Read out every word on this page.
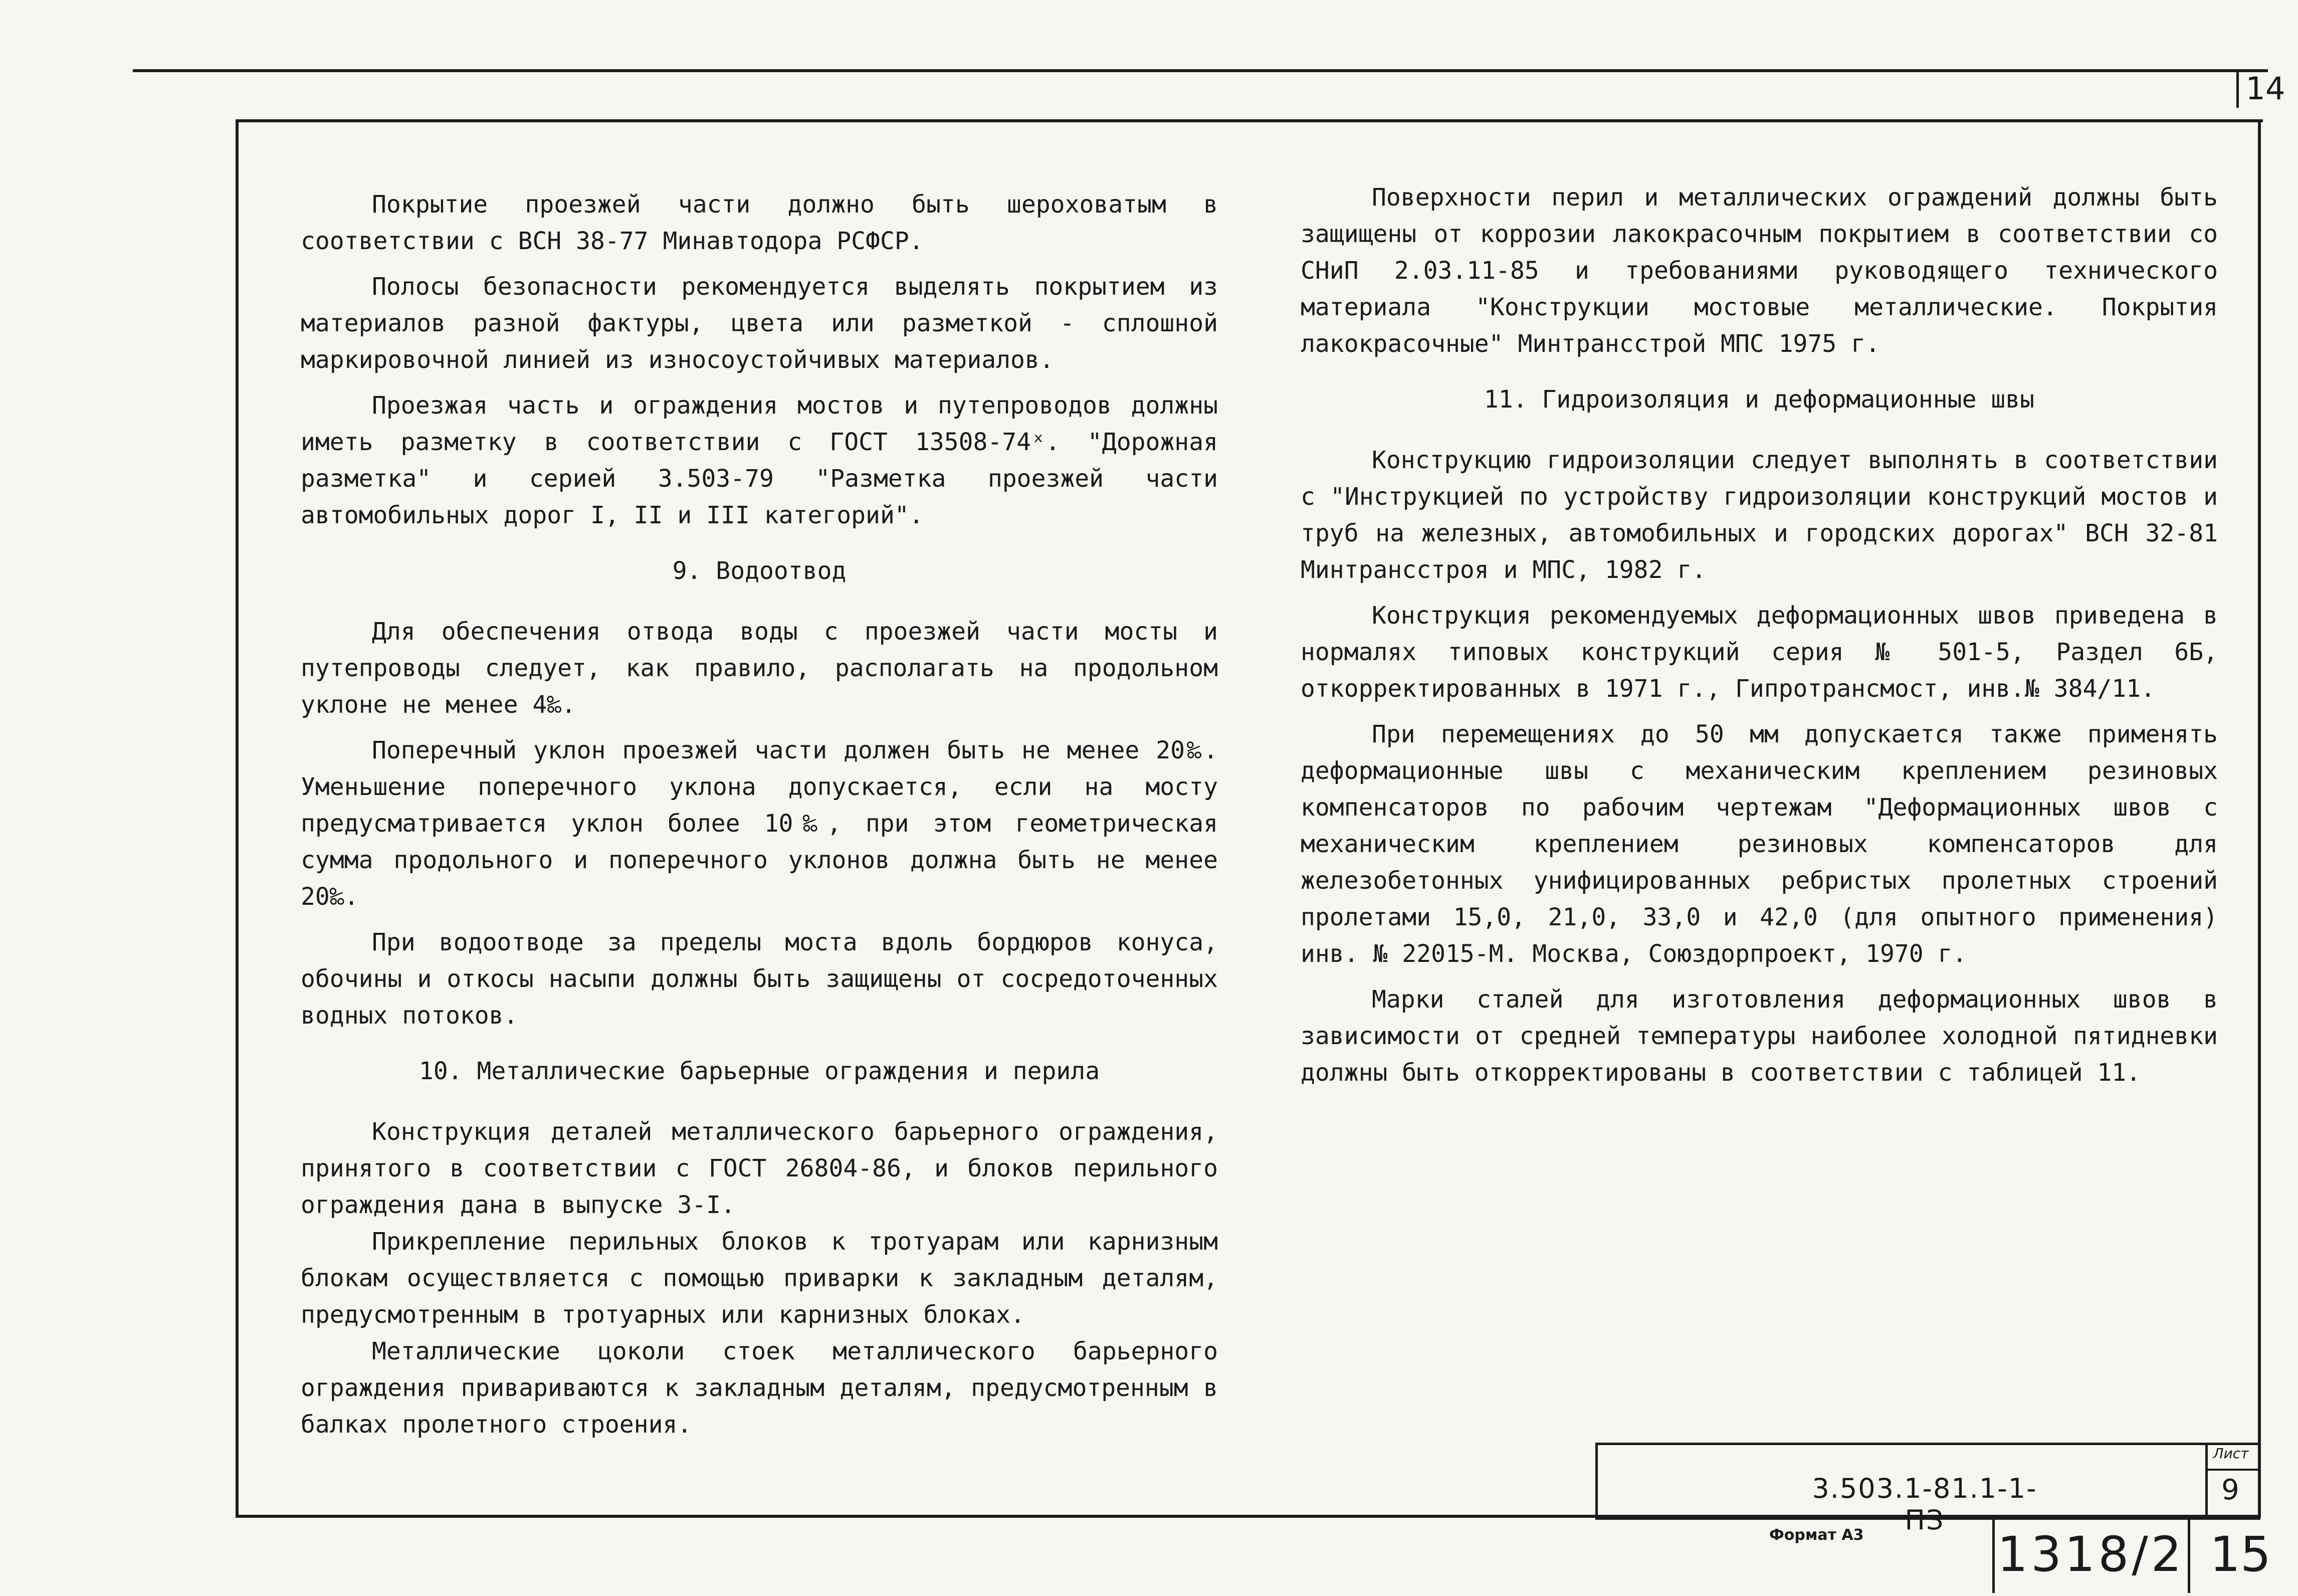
14

Покрытие проезжей части должно быть шероховатым в соответствии с ВСН 38-77 Минавтодора РСФСР.

Полосы безопасности рекомендуется выделять покрытием из материалов разной фактуры, цвета или разметкой - сплошной маркировочной линией из износоустойчивых материалов.

Проезжая часть и ограждения мостов и путепроводов должны иметь разметку в соответствии с ГОСТ 13508-74ˣ. "Дорожная разметка" и серией 3.503-79 "Разметка проезжей части автомобильных дорог I, II и III категорий".

9. Водоотвод

Для обеспечения отвода воды с проезжей части мосты и путепроводы следует, как правило, располагать на продольном уклоне не менее 4‰.

Поперечный уклон проезжей части должен быть не менее 20‰. Уменьшение поперечного уклона допускается, если на мосту предусматривается уклон более 10‰, при этом геометрическая сумма продольного и поперечного уклонов должна быть не менее 20‰.

При водоотводе за пределы моста вдоль бордюров конуса, обочины и откосы насыпи должны быть защищены от сосредоточенных водных потоков.

10. Металлические барьерные ограждения и перила

Конструкция деталей металлического барьерного ограждения, принятого в соответствии с ГОСТ 26804-86, и блоков перильного ограждения дана в выпуске 3-I.

Прикрепление перильных блоков к тротуарам или карнизным блокам осуществляется с помощью приварки к закладным деталям, предусмотренным в тротуарных или карнизных блоках.

Металлические цоколи стоек металлического барьерного ограждения привариваются к закладным деталям, предусмотренным в балках пролетного строения.

Поверхности перил и металлических ограждений должны быть защищены от коррозии лакокрасочным покрытием в соответствии со СНиП 2.03.11-85 и требованиями руководящего технического материала "Конструкции мостовые металлические. Покрытия лакокрасочные" Минтрансстрой МПС 1975 г.

11. Гидроизоляция и деформационные швы

Конструкцию гидроизоляции следует выполнять в соответствии с "Инструкцией по устройству гидроизоляции конструкций мостов и труб на железных, автомобильных и городских дорогах" ВСН 32-81 Минтрансстроя и МПС, 1982 г.

Конструкция рекомендуемых деформационных швов приведена в нормалях типовых конструкций серия № 501-5, Раздел 6Б, откорректированных в 1971 г., Гипротрансмост, инв.№ 384/11.

При перемещениях до 50 мм допускается также применять деформационные швы с механическим креплением резиновых компенсаторов по рабочим чертежам "Деформационных швов с механическим креплением резиновых компенсаторов для железобетонных унифицированных ребристых пролетных строений пролетами 15,0, 21,0, 33,0 и 42,0 (для опытного применения) инв. № 22015-М. Москва, Союздорпроект, 1970 г.

Марки сталей для изготовления деформационных швов в зависимости от средней температуры наиболее холодной пятидневки должны быть откорректированы в соответствии с таблицей 11.

3.503.1-81.1-1-ПЗ
Лист
9
Формат А3	1318/2 15
